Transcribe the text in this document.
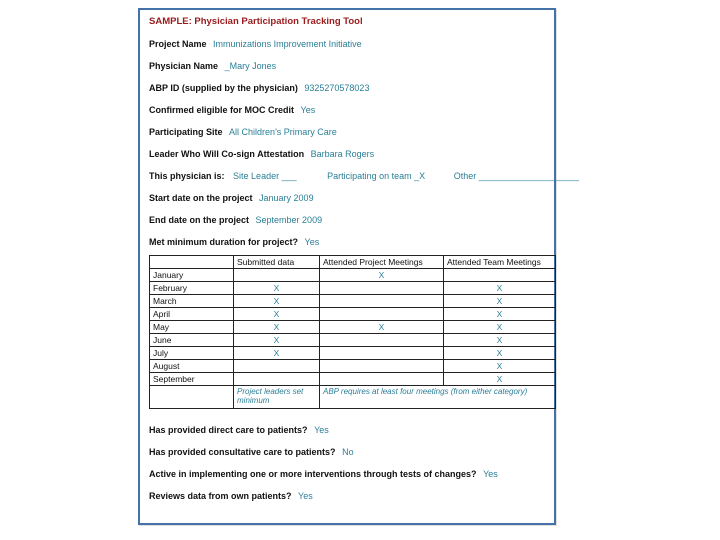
SAMPLE: Physician Participation Tracking Tool
Project Name Immunizations Improvement Initiative
Physician Name _Mary Jones
ABP ID (supplied by the physician) 9325270578023
Confirmed eligible for MOC Credit Yes
Participating Site All Children's Primary Care
Leader Who Will Co-sign Attestation Barbara Rogers
This physician is: Site Leader ___	Participating on team _X	Other ____________________
Start date on the project January 2009
End date on the project September 2009
Met minimum duration for project? Yes
	Submitted data	Attended Project Meetings	Attended Team Meetings
January		X	
February	X		X
March	X		X
April	X		X
May	X	X	X
June	X		X
July	X		X
August			X
September			X
	Project leaders set minimum	ABP requires at least four meetings (from either category)	
Has provided direct care to patients? Yes
Has provided consultative care to patients? No
Active in implementing one or more interventions through tests of changes? Yes
Reviews data from own patients? Yes
